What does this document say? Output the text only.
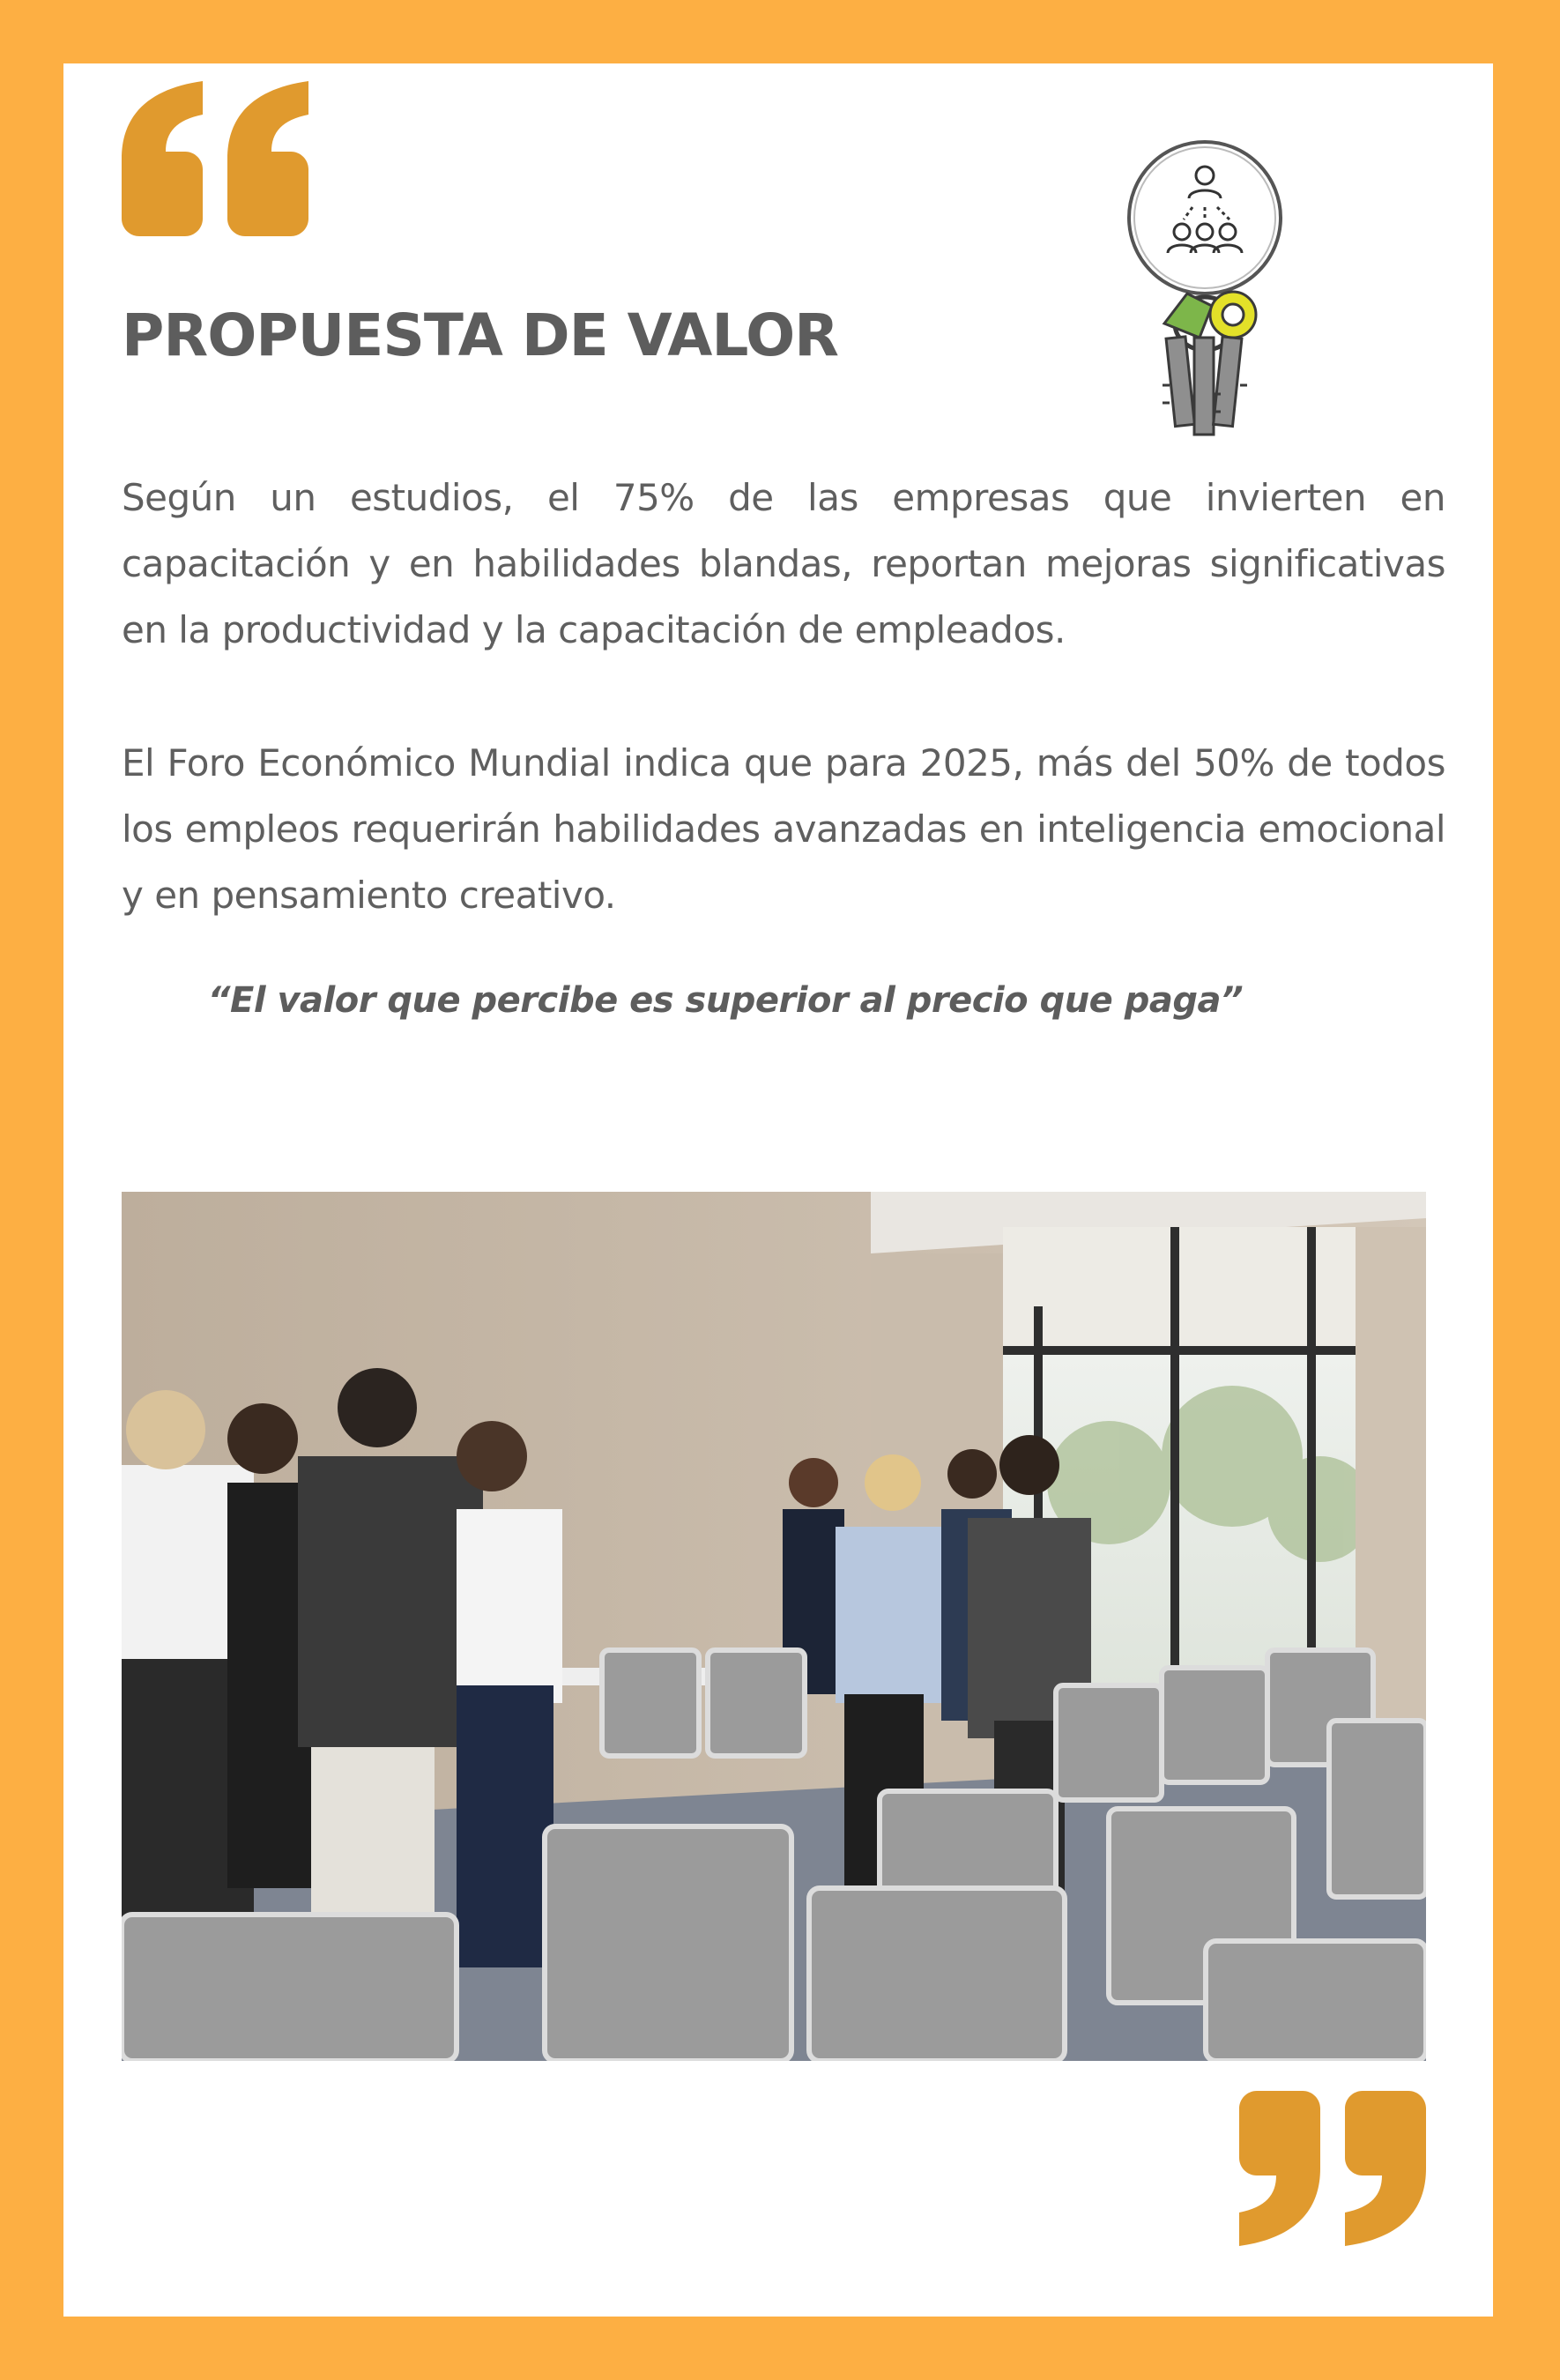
PROPUESTA DE VALOR

Según un estudios, el 75% de las empresas que invierten en capacitación y en habilidades blandas, reportan mejoras significativas en la productividad y la capacitación de empleados.

El Foro Económico Mundial indica que para 2025, más del 50% de todos los empleos requerirán habilidades avanzadas en inteligencia emocional y en pensamiento creativo.

“El valor que percibe es superior al precio que paga”
